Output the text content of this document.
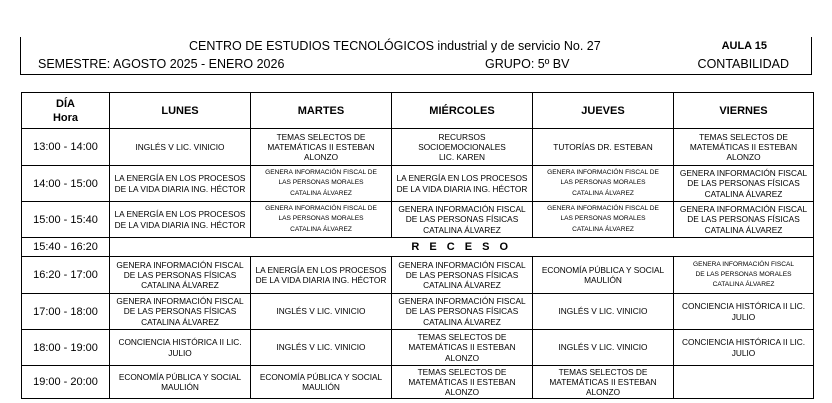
CENTRO DE ESTUDIOS TECNOLÓGICOS industrial y de servicio No. 27	AULA 15
SEMESTRE: AGOSTO 2025 - ENERO 2026	GRUPO: 5º BV	CONTABILIDAD
DÍA
Hora	LUNES	MARTES	MIÉRCOLES	JUEVES	VIERNES
13:00 - 14:00	INGLÉS V LIC. VINICIO	TEMAS SELECTOS DE
MATEMÁTICAS II ESTEBAN
ALONZO	RECURSOS
SOCIOEMOCIONALES
LIC. KAREN	TUTORÍAS DR. ESTEBAN	TEMAS SELECTOS DE
MATEMÁTICAS II ESTEBAN
ALONZO

14:00 - 15:00	LA ENERGÍA EN LOS PROCESOS
DE LA VIDA DIARIA ING. HÉCTOR	GENERA INFORMACIÓN FISCAL DE
LAS PERSONAS MORALES
CATALINA ÁLVAREZ	LA ENERGÍA EN LOS PROCESOS
DE LA VIDA DIARIA ING. HÉCTOR	GENERA INFORMACIÓN FISCAL DE
LAS PERSONAS MORALES
CATALINA ÁLVAREZ	GENERA INFORMACIÓN FISCAL
DE LAS PERSONAS FÍSICAS
CATALINA ÁLVAREZ

15:00 - 15:40	LA ENERGÍA EN LOS PROCESOS
DE LA VIDA DIARIA ING. HÉCTOR	GENERA INFORMACIÓN FISCAL DE
LAS PERSONAS MORALES
CATALINA ÁLVAREZ	GENERA INFORMACIÓN FISCAL
DE LAS PERSONAS FÍSICAS
CATALINA ÁLVAREZ	GENERA INFORMACIÓN FISCAL DE
LAS PERSONAS MORALES
CATALINA ÁLVAREZ	GENERA INFORMACIÓN FISCAL
DE LAS PERSONAS FÍSICAS
CATALINA ÁLVAREZ

15:40 - 16:20	R E C E S O				
16:20 - 17:00	GENERA INFORMACIÓN FISCAL
DE LAS PERSONAS FÍSICAS
CATALINA ÁLVAREZ	LA ENERGÍA EN LOS PROCESOS
DE LA VIDA DIARIA ING. HÉCTOR	GENERA INFORMACIÓN FISCAL
DE LAS PERSONAS FÍSICAS
CATALINA ÁLVAREZ	ECONOMÍA PÚBLICA Y SOCIAL
MAULIÓN	GENERA INFORMACIÓN FISCAL
DE LAS PERSONAS MORALES
CATALINA ÁLVAREZ

17:00 - 18:00	GENERA INFORMACIÓN FISCAL
DE LAS PERSONAS FÍSICAS
CATALINA ÁLVAREZ	INGLÉS V LIC. VINICIO	GENERA INFORMACIÓN FISCAL
DE LAS PERSONAS FÍSICAS
CATALINA ÁLVAREZ	INGLÉS V LIC. VINICIO	CONCIENCIA HISTÓRICA II LIC.
JULIO

18:00 - 19:00	CONCIENCIA HISTÓRICA II LIC.
JULIO	INGLÉS V LIC. VINICIO	TEMAS SELECTOS DE
MATEMÁTICAS II ESTEBAN
ALONZO	INGLÉS V LIC. VINICIO	CONCIENCIA HISTÓRICA II LIC.
JULIO

19:00 - 20:00	ECONOMÍA PÚBLICA Y SOCIAL
MAULIÓN	ECONOMÍA PÚBLICA Y SOCIAL
MAULIÓN	TEMAS SELECTOS DE
MATEMÁTICAS II ESTEBAN
ALONZO	TEMAS SELECTOS DE
MATEMÁTICAS II ESTEBAN
ALONZO	
